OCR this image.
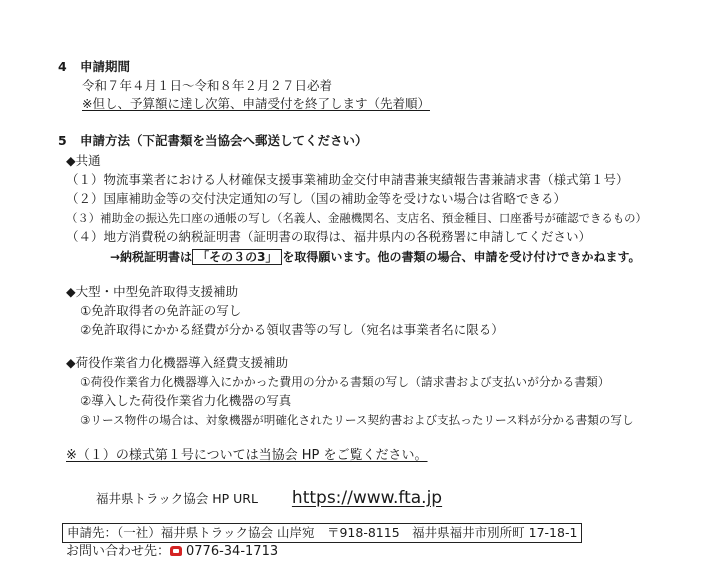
4 申請期間
令和７年４月１日～令和８年２月２７日必着
※但し、予算額に達し次第、申請受付を終了します（先着順）
5 申請方法（下記書類を当協会へ郵送してください）
◆共通
（１）物流事業者における人材確保支援事業補助金交付申請書兼実績報告書兼請求書（様式第１号）
（２）国庫補助金等の交付決定通知の写し（国の補助金等を受けない場合は省略できる）
（３）補助金の振込先口座の通帳の写し（名義人、金融機関名、支店名、預金種目、口座番号が確認できるもの）
（４）地方消費税の納税証明書（証明書の取得は、福井県内の各税務署に申請してください）
→納税証明書は 「その３の3」 を取得願います。他の書類の場合、申請を受け付けできかねます。
◆大型・中型免許取得支援補助
①免許取得者の免許証の写し
②免許取得にかかる経費が分かる領収書等の写し（宛名は事業者名に限る）
◆荷役作業省力化機器導入経費支援補助
①荷役作業省力化機器導入にかかった費用の分かる書類の写し（請求書および支払いが分かる書類）
②導入した荷役作業省力化機器の写真
③リース物件の場合は、対象機器が明確化されたリース契約書および支払ったリース料が分かる書類の写し
※（１）の様式第１号については当協会 HP をご覧ください。
福井県トラック協会 HP URL https://www.fta.jp
申請先：（一社）福井県トラック協会 山岸宛　〒918-8115　福井県福井市別所町 17-18-1
お問い合わせ先： 0776-34-1713
